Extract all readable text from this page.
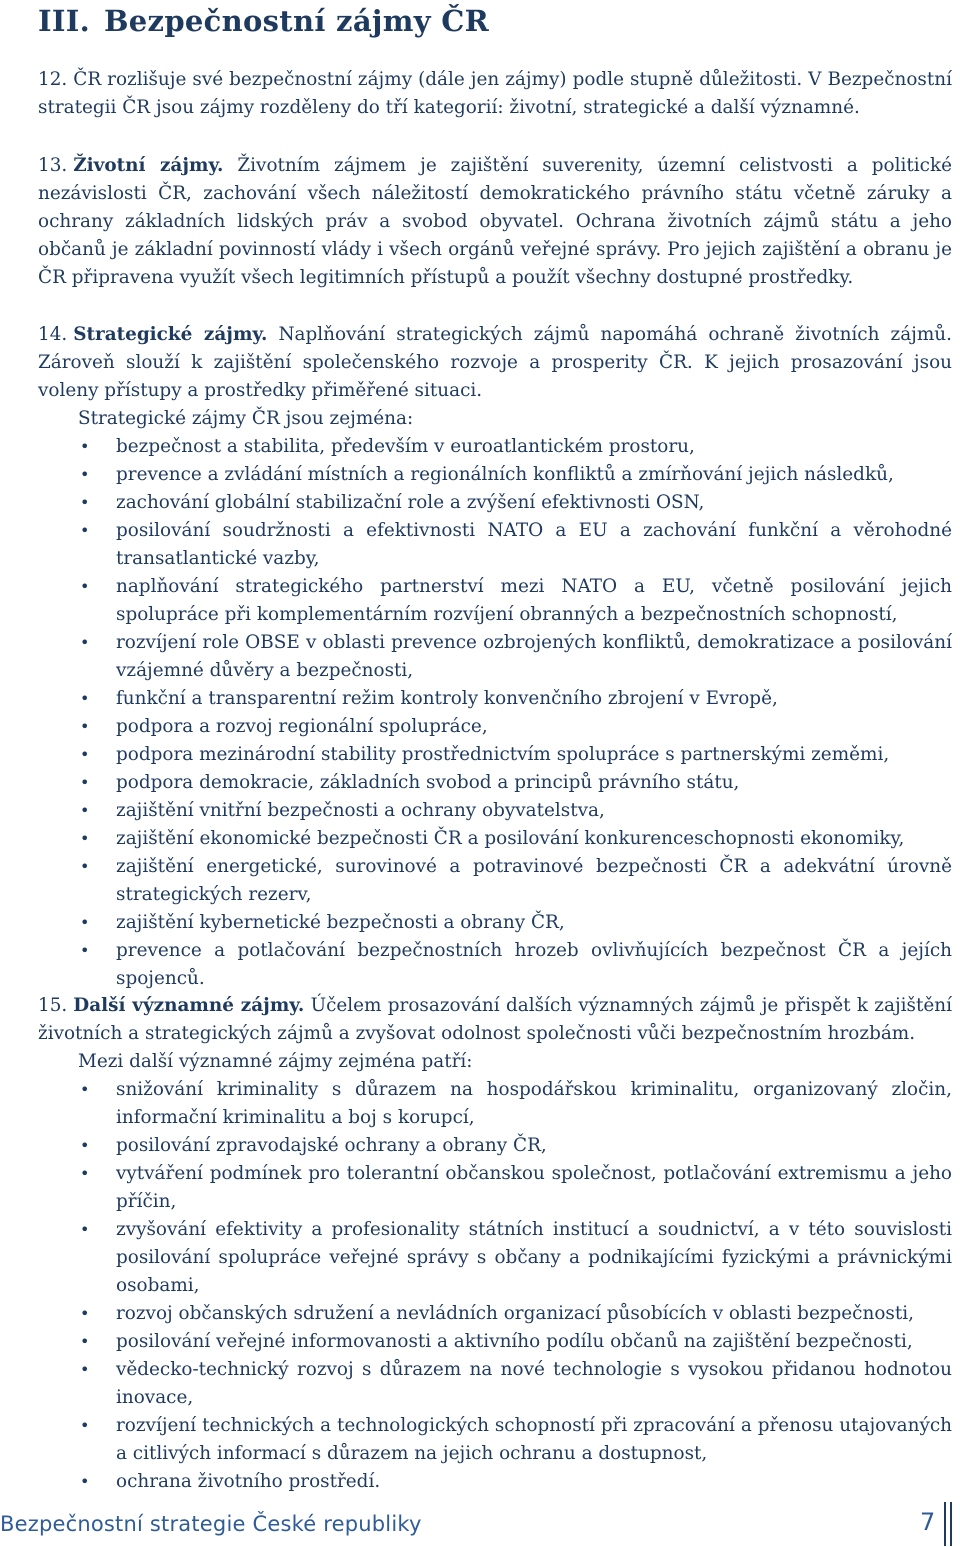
III. Bezpečnostní zájmy ČR

12. ČR rozlišuje své bezpečnostní zájmy (dále jen zájmy) podle stupně důležitosti. V Bezpečnostní strategii ČR jsou zájmy rozděleny do tří kategorií: životní, strategické a další významné.

13. Životní zájmy. Životním zájmem je zajištění suverenity, územní celistvosti a politické nezávislosti ČR, zachování všech náležitostí demokratického právního státu včetně záruky a ochrany základních lidských práv a svobod obyvatel. Ochrana životních zájmů státu a jeho občanů je základní povinností vlády i všech orgánů veřejné správy. Pro jejich zajištění a obranu je ČR připravena využít všech legitimních přístupů a použít všechny dostupné prostředky.

14. Strategické zájmy. Naplňování strategických zájmů napomáhá ochraně životních zájmů. Zároveň slouží k zajištění společenského rozvoje a prosperity ČR. K jejich prosazování jsou voleny přístupy a prostředky přiměřené situaci.

Strategické zájmy ČR jsou zejména:

• bezpečnost a stabilita, především v euroatlantickém prostoru,
• prevence a zvládání místních a regionálních konfliktů a zmírňování jejich následků,
• zachování globální stabilizační role a zvýšení efektivnosti OSN,
• posilování soudržnosti a efektivnosti NATO a EU a zachování funkční a věrohodné transatlantické vazby,
• naplňování strategického partnerství mezi NATO a EU, včetně posilování jejich spolupráce při komplementárním rozvíjení obranných a bezpečnostních schopností,
• rozvíjení role OBSE v oblasti prevence ozbrojených konfliktů, demokratizace a posilování vzájemné důvěry a bezpečnosti,
• funkční a transparentní režim kontroly konvenčního zbrojení v Evropě,
• podpora a rozvoj regionální spolupráce,
• podpora mezinárodní stability prostřednictvím spolupráce s partnerskými zeměmi,
• podpora demokracie, základních svobod a principů právního státu,
• zajištění vnitřní bezpečnosti a ochrany obyvatelstva,
• zajištění ekonomické bezpečnosti ČR a posilování konkurenceschopnosti ekonomiky,
• zajištění energetické, surovinové a potravinové bezpečnosti ČR a adekvátní úrovně strategických rezerv,
• zajištění kybernetické bezpečnosti a obrany ČR,
• prevence a potlačování bezpečnostních hrozeb ovlivňujících bezpečnost ČR a jejích spojenců.

15. Další významné zájmy. Účelem prosazování dalších významných zájmů je přispět k zajištění životních a strategických zájmů a zvyšovat odolnost společnosti vůči bezpečnostním hrozbám.

Mezi další významné zájmy zejména patří:

• snižování kriminality s důrazem na hospodářskou kriminalitu, organizovaný zločin, informační kriminalitu a boj s korupcí,
• posilování zpravodajské ochrany a obrany ČR,
• vytváření podmínek pro tolerantní občanskou společnost, potlačování extremismu a jeho příčin,
• zvyšování efektivity a profesionality státních institucí a soudnictví, a v této souvislosti posilování spolupráce veřejné správy s občany a podnikajícími fyzickými a právnickými osobami,
• rozvoj občanských sdružení a nevládních organizací působících v oblasti bezpečnosti,
• posilování veřejné informovanosti a aktivního podílu občanů na zajištění bezpečnosti,
• vědecko-technický rozvoj s důrazem na nové technologie s vysokou přidanou hodnotou inovace,
• rozvíjení technických a technologických schopností při zpracování a přenosu utajovaných a citlivých informací s důrazem na jejich ochranu a dostupnost,
• ochrana životního prostředí.
Bezpečnostní strategie České republiky	7
